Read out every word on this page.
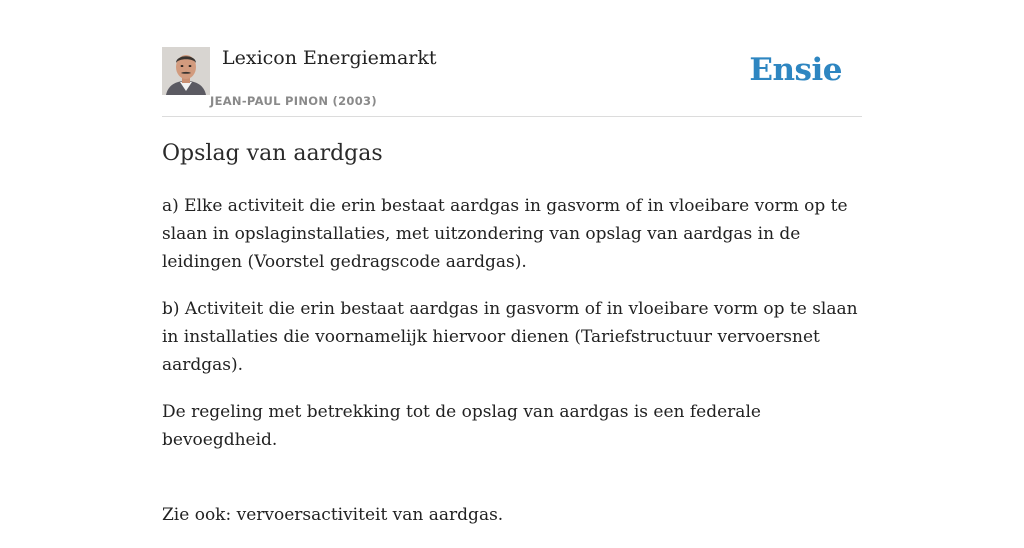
Lexicon Energiemarkt
JEAN-PAUL PINON (2003)
Ensie
Opslag van aardgas

a) Elke activiteit die erin bestaat aardgas in gasvorm of in vloeibare vorm op te slaan in opslaginstallaties, met uitzondering van opslag van aardgas in de leidingen (Voorstel gedragscode aardgas).

b) Activiteit die erin bestaat aardgas in gasvorm of in vloeibare vorm op te slaan in installaties die voornamelijk hiervoor dienen (Tariefstructuur vervoersnet aardgas).

De regeling met betrekking tot de opslag van aardgas is een federale bevoegdheid.

Zie ook: vervoersactiviteit van aardgas.
